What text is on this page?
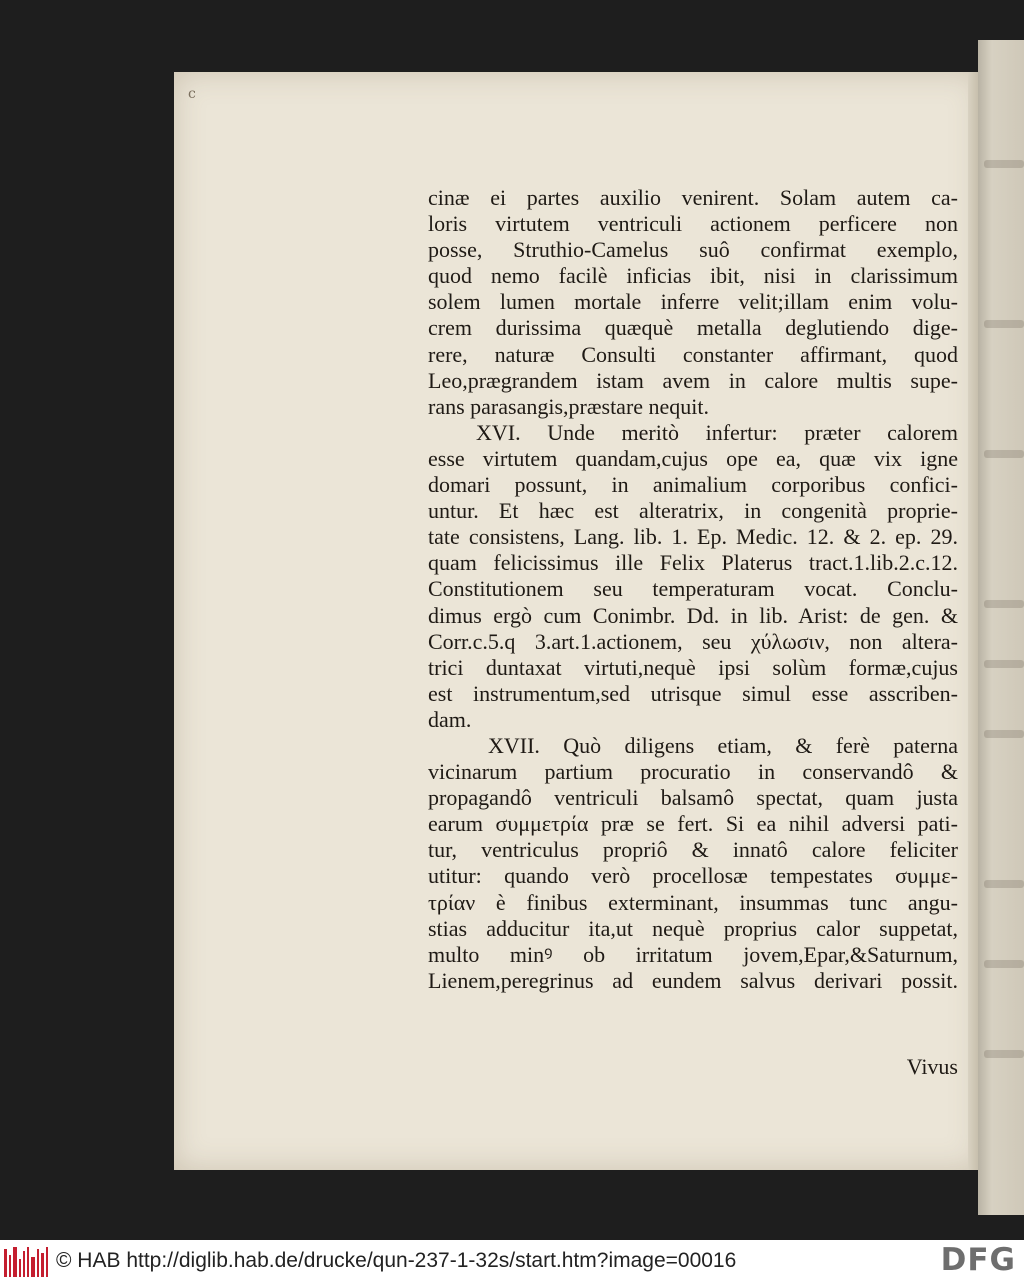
c
cinæ ei partes auxilio venirent. Solam autem ca-
loris virtutem ventriculi actionem perficere non
posse, Struthio-Camelus suô confirmat exemplo,
quod nemo facilè inficias ibit, nisi in clarissimum
solem lumen mortale inferre velit;illam enim volu-
crem durissima quæquè metalla deglutiendo dige-
rere, naturæ Consulti constanter affirmant, quod
Leo,prægrandem istam avem in calore multis supe-
rans parasangis,præstare nequit.
XVI. Unde meritò infertur: præter calorem
esse virtutem quandam,cujus ope ea, quæ vix igne
domari possunt, in animalium corporibus confici-
untur. Et hæc est alteratrix, in congenità proprie-
tate consistens, Lang. lib. 1. Ep. Medic. 12. & 2. ep. 29.
quam felicissimus ille Felix Platerus tract.1.lib.2.c.12.
Constitutionem seu temperaturam vocat. Conclu-
dimus ergò cum Conimbr. Dd. in lib. Arist: de gen. &
Corr.c.5.q 3.art.1.actionem, seu χύλωσιν, non altera-
trici duntaxat virtuti,nequè ipsi solùm formæ,cujus
est instrumentum,sed utrisque simul esse asscriben-
dam.
XVII. Quò diligens etiam, & ferè paterna
vicinarum partium procuratio in conservandô &
propagandô ventriculi balsamô spectat, quam justa
earum συμμετρία præ se fert. Si ea nihil adversi pati-
tur, ventriculus propriô & innatô calore feliciter
utitur: quando verò procellosæ tempestates συμμε-
τρίαν è finibus exterminant, insummas tunc angu-
stias adducitur ita,ut nequè proprius calor suppetat,
multo minꝰ ob irritatum jovem,Epar,&Saturnum,
Lienem,peregrinus ad eundem salvus derivari possit.
Vivus
© HAB http://diglib.hab.de/drucke/qun-237-1-32s/start.htm?image=00016	DFG
